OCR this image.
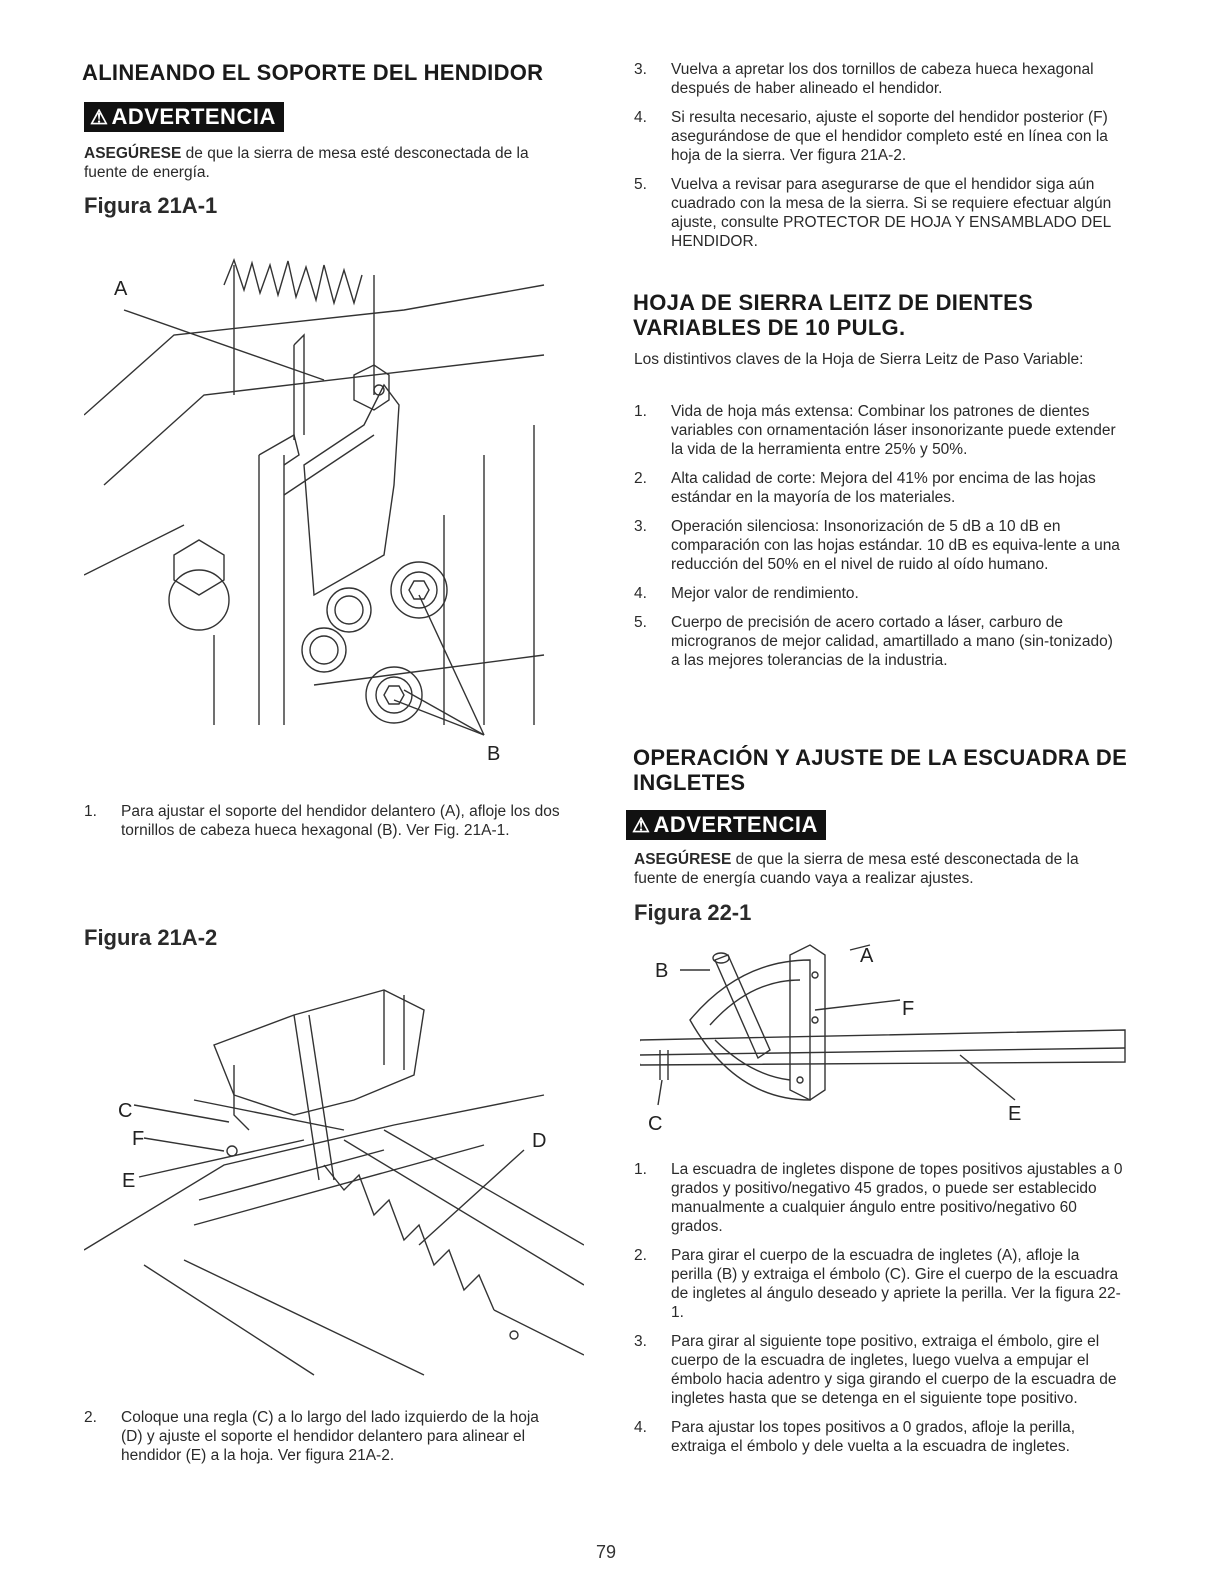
ALINEANDO EL SOPORTE DEL HENDIDOR
⚠ ADVERTENCIA

ASEGÚRESE de que la sierra de mesa esté desconectada de la fuente de energía.

Figura 21A-1
A
B
1. Para ajustar el soporte del hendidor delantero (A), afloje los dos tornillos de cabeza hueca hexagonal (B). Ver Fig. 21A-1.
Figura 21A-2
C
F
E
D
2. Coloque una regla (C) a lo largo del lado izquierdo de la hoja (D) y ajuste el soporte el hendidor delantero para alinear el hendidor (E) a la hoja. Ver figura 21A-2.
3. Vuelva a apretar los dos tornillos de cabeza hueca hexagonal después de haber alineado el hendidor.
4. Si resulta necesario, ajuste el soporte del hendidor posterior (F) asegurándose de que el hendidor completo esté en línea con la hoja de la sierra. Ver figura 21A-2.
5. Vuelva a revisar para asegurarse de que el hendidor siga aún cuadrado con la mesa de la sierra. Si se requiere efectuar algún ajuste, consulte PROTECTOR DE HOJA Y ENSAMBLADO DEL HENDIDOR.
HOJA DE SIERRA LEITZ DE DIENTES VARIABLES DE 10 PULG.

Los distintivos claves de la Hoja de Sierra Leitz de Paso Variable:

1. Vida de hoja más extensa: Combinar los patrones de dientes variables con ornamentación láser insonorizante puede extender la vida de la herramienta entre 25% y 50%.
2. Alta calidad de corte: Mejora del 41% por encima de las hojas estándar en la mayoría de los materiales.
3. Operación silenciosa: Insonorización de 5 dB a 10 dB en comparación con las hojas estándar. 10 dB es equiva-lente a una reducción del 50% en el nivel de ruido al oído humano.
4. Mejor valor de rendimiento.
5. Cuerpo de precisión de acero cortado a láser, carburo de microgranos de mejor calidad, amartillado a mano (sin-tonizado) a las mejores tolerancias de la industria.
OPERACIÓN Y AJUSTE DE LA ESCUADRA DE INGLETES
⚠ ADVERTENCIA

ASEGÚRESE de que la sierra de mesa esté desconectada de la fuente de energía cuando vaya a realizar ajustes.

Figura 22-1
B
A
F
C	E
1. La escuadra de ingletes dispone de topes positivos ajustables a 0 grados y positivo/negativo 45 grados, o puede ser establecido manualmente a cualquier ángulo entre positivo/negativo 60 grados.
2. Para girar el cuerpo de la escuadra de ingletes (A), afloje la perilla (B) y extraiga el émbolo (C). Gire el cuerpo de la escuadra de ingletes al ángulo deseado y apriete la perilla. Ver la figura 22-1.
3. Para girar al siguiente tope positivo, extraiga el émbolo, gire el cuerpo de la escuadra de ingletes, luego vuelva a empujar el émbolo hacia adentro y siga girando el cuerpo de la escuadra de ingletes hasta que se detenga en el siguiente tope positivo.
4. Para ajustar los topes positivos a 0 grados, afloje la perilla, extraiga el émbolo y dele vuelta a la escuadra de ingletes.
79
